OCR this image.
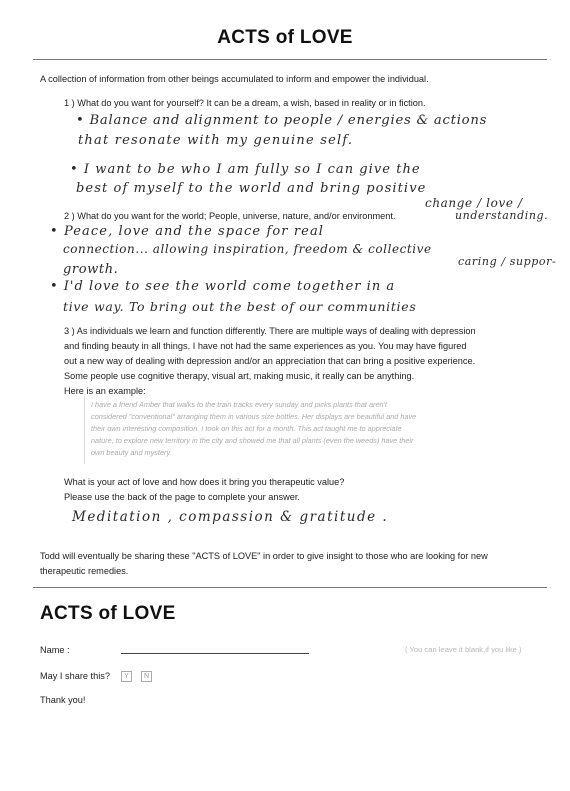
ACTS of LOVE
A collection of information from other beings accumulated to inform and empower the individual.
1 ) What do you want for yourself? It can be a dream, a wish, based in reality or in fiction.
• Balance and alignment to people / energies & actions
that resonate with my genuine self.
• I want to be who I am fully so I can give the
best of myself to the world and bring positive
change / love /
2 ) What do you want for the world; People, universe, nature, and/or environment.	understanding.
• Peace, love and the space for real
connection... allowing inspiration, freedom & collective
growth.
caring / suppor-
• I'd love to see the world come together in a
tive way. To bring out the best of our communities
3 ) As individuals we learn and function differently. There are multiple ways of dealing with depression
and finding beauty in all things. I have not had the same experiences as you. You may have figured
out a new way of dealing with depression and/or an appreciation that can bring a positive experience.
Some people use cognitive therapy, visual art, making music, it really can be anything.
Here is an example:
I have a friend Amber that walks to the train tracks every sunday and picks plants that aren't
considered "conventional" arranging them in various size bottles. Her displays are beautiful and have
their own interesting composition. I took on this act for a month. This act taught me to appreciate
nature, to explore new territory in the city and showed me that all plants (even the weeds) have their
own beauty and mystery.
What is your act of love and how does it bring you therapeutic value?
Please use the back of the page to complete your answer.
Meditation , compassion & gratitude .
Todd will eventually be sharing these "ACTS of LOVE" in order to give insight to those who are looking for new
therapeutic remedies.
ACTS of LOVE
Name :	( You can leave it blank,if you like )
May I share this?	Y	N
Thank you!
